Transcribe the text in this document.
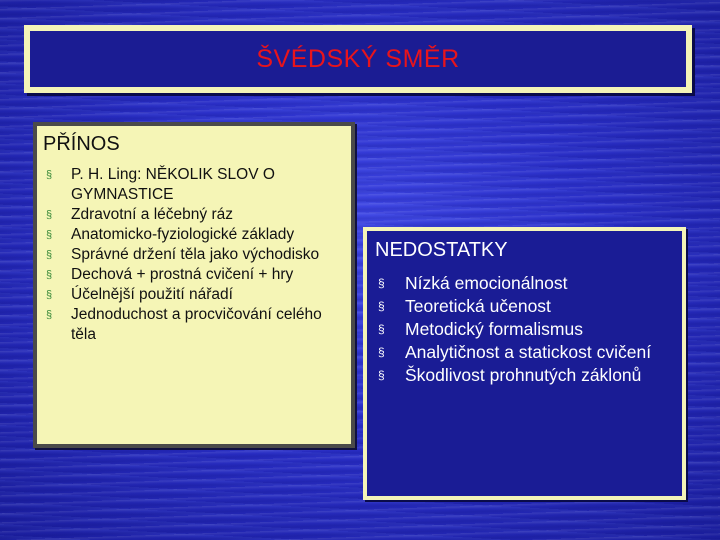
ŠVÉDSKÝ SMĚR
PŘÍNOS
§	P. H. Ling: NĚKOLIK SLOV O GYMNASTICE
§	Zdravotní a léčebný ráz
§	Anatomicko-fyziologické základy
§	Správné držení těla jako východisko
§	Dechová + prostná cvičení + hry
§	Účelnější použití nářadí
§	Jednoduchost a procvičování celého těla
NEDOSTATKY
§	Nízká emocionálnost
§	Teoretická učenost
§	Metodický formalismus
§	Analytičnost a statickost cvičení
§	Škodlivost prohnutých záklonů
